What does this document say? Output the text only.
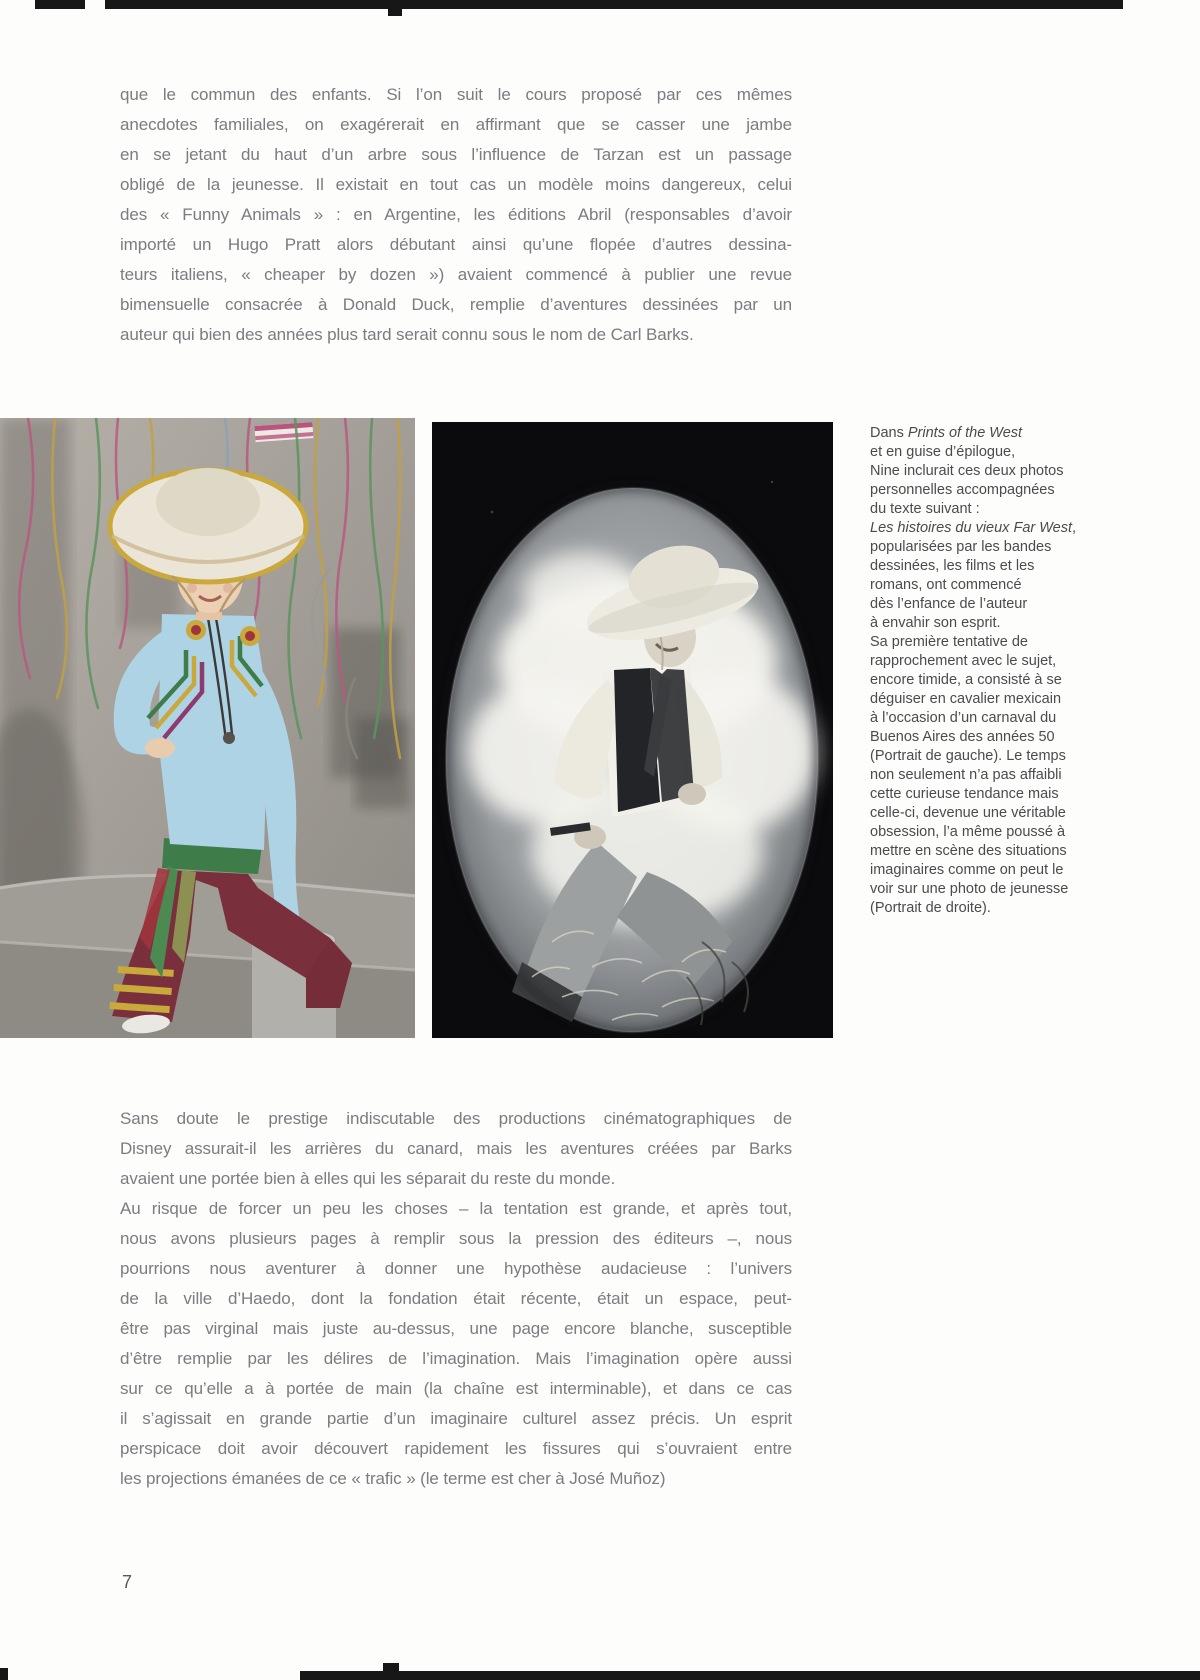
que le commun des enfants. Si l’on suit le cours proposé par ces mêmes
anecdotes familiales, on exagérerait en affirmant que se casser une jambe
en se jetant du haut d’un arbre sous l’influence de Tarzan est un passage
obligé de la jeunesse. Il existait en tout cas un modèle moins dangereux, celui
des « Funny Animals » : en Argentine, les éditions Abril (responsables d’avoir
importé un Hugo Pratt alors débutant ainsi qu’une flopée d’autres dessina-
teurs italiens, « cheaper by dozen ») avaient commencé à publier une revue
bimensuelle consacrée à Donald Duck, remplie d’aventures dessinées par un
auteur qui bien des années plus tard serait connu sous le nom de Carl Barks.
Dans Prints of the West
et en guise d’épilogue,
Nine inclurait ces deux photos
personnelles accompagnées
du texte suivant :
Les histoires du vieux Far West,
popularisées par les bandes
dessinées, les films et les
romans, ont commencé
dès l’enfance de l’auteur
à envahir son esprit.
Sa première tentative de
rapprochement avec le sujet,
encore timide, a consisté à se
déguiser en cavalier mexicain
à l’occasion d’un carnaval du
Buenos Aires des années 50
(Portrait de gauche). Le temps
non seulement n’a pas affaibli
cette curieuse tendance mais
celle-ci, devenue une véritable
obsession, l’a même poussé à
mettre en scène des situations
imaginaires comme on peut le
voir sur une photo de jeunesse
(Portrait de droite).
Sans doute le prestige indiscutable des productions cinématographiques de
Disney assurait-il les arrières du canard, mais les aventures créées par Barks
avaient une portée bien à elles qui les séparait du reste du monde.
Au risque de forcer un peu les choses – la tentation est grande, et après tout,
nous avons plusieurs pages à remplir sous la pression des éditeurs –, nous
pourrions nous aventurer à donner une hypothèse audacieuse : l’univers
de la ville d’Haedo, dont la fondation était récente, était un espace, peut-
être pas virginal mais juste au-dessus, une page encore blanche, susceptible
d’être remplie par les délires de l’imagination. Mais l’imagination opère aussi
sur ce qu’elle a à portée de main (la chaîne est interminable), et dans ce cas
il s’agissait en grande partie d’un imaginaire culturel assez précis. Un esprit
perspicace doit avoir découvert rapidement les fissures qui s’ouvraient entre
les projections émanées de ce « trafic » (le terme est cher à José Muñoz)
7
